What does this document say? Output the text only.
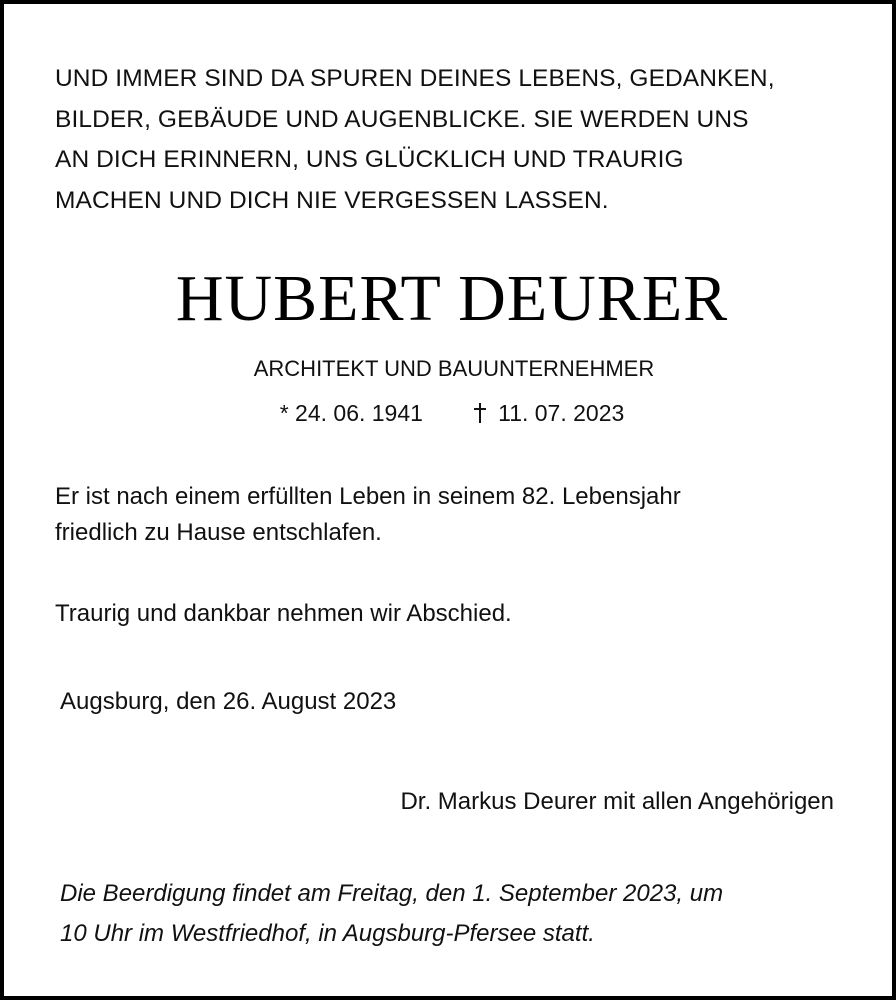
UND IMMER SIND DA SPUREN DEINES LEBENS, GEDANKEN,
BILDER, GEBÄUDE UND AUGENBLICKE. SIE WERDEN UNS
AN DICH ERINNERN, UNS GLÜCKLICH UND TRAURIG
MACHEN UND DICH NIE VERGESSEN LASSEN.
HUBERT DEURER
ARCHITEKT UND BAUUNTERNEHMER
* 24. 06. 1941	11. 07. 2023
Er ist nach einem erfüllten Leben in seinem 82. Lebensjahr
friedlich zu Hause entschlafen.
Traurig und dankbar nehmen wir Abschied.
Augsburg, den 26. August 2023
Dr. Markus Deurer mit allen Angehörigen
Die Beerdigung findet am Freitag, den 1. September 2023, um
10 Uhr im Westfriedhof, in Augsburg-Pfersee statt.
